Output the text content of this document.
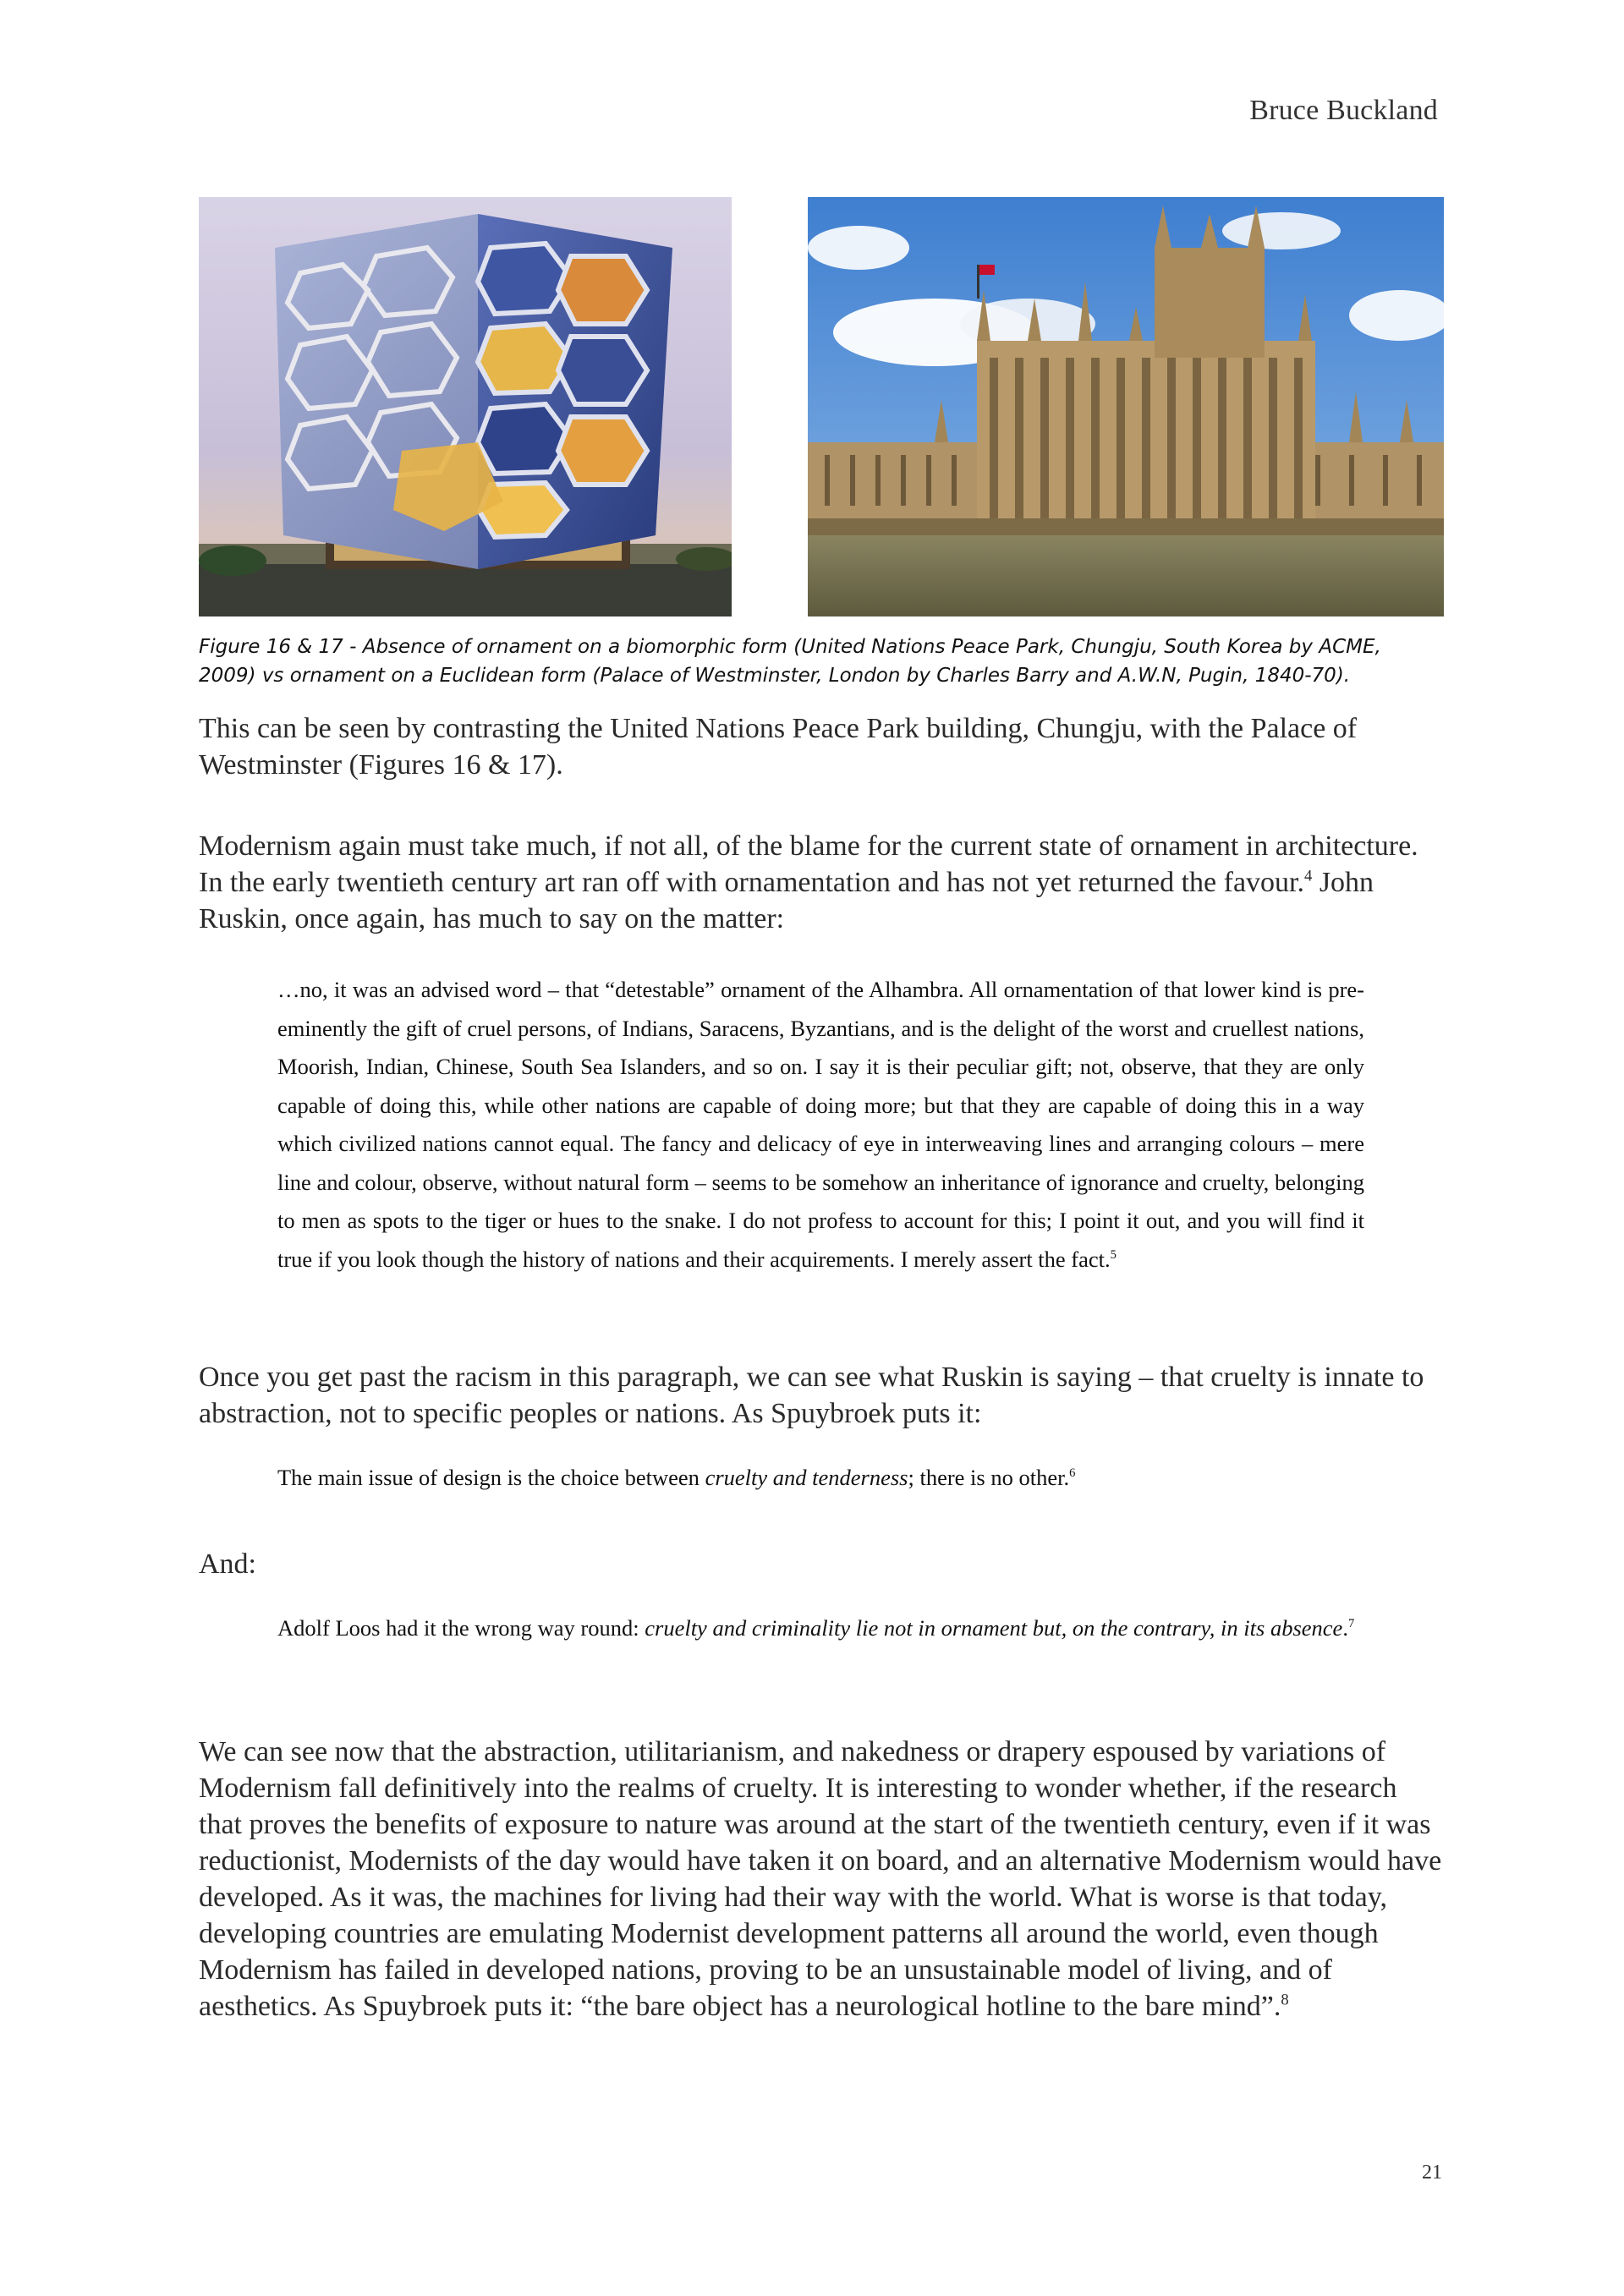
Bruce Buckland
Figure 16 & 17 - Absence of ornament on a biomorphic form (United Nations Peace Park, Chungju, South Korea by ACME, 2009) vs ornament on a Euclidean form (Palace of Westminster, London by Charles Barry and A.W.N, Pugin, 1840-70).

This can be seen by contrasting the United Nations Peace Park building, Chungju, with the Palace of Westminster (Figures 16 & 17).

Modernism again must take much, if not all, of the blame for the current state of ornament in architecture. In the early twentieth century art ran off with ornamentation and has not yet returned the favour.$^4$ John Ruskin, once again, has much to say on the matter:

…no, it was an advised word – that “detestable” ornament of the Alhambra. All ornamentation of that lower kind is pre-eminently the gift of cruel persons, of Indians, Saracens, Byzantians, and is the delight of the worst and cruellest nations, Moorish, Indian, Chinese, South Sea Islanders, and so on. I say it is their peculiar gift; not, observe, that they are only capable of doing this, while other nations are capable of doing more; but that they are capable of doing this in a way which civilized nations cannot equal. The fancy and delicacy of eye in interweaving lines and arranging colours – mere line and colour, observe, without natural form – seems to be somehow an inheritance of ignorance and cruelty, belonging to men as spots to the tiger or hues to the snake. I do not profess to account for this; I point it out, and you will find it true if you look though the history of nations and their acquirements. I merely assert the fact.$^5$

Once you get past the racism in this paragraph, we can see what Ruskin is saying – that cruelty is innate to abstraction, not to specific peoples or nations. As Spuybroek puts it:

The main issue of design is the choice between cruelty and tenderness; there is no other.$^6$

And:

Adolf Loos had it the wrong way round: cruelty and criminality lie not in ornament but, on the contrary, in its absence.$^7$

We can see now that the abstraction, utilitarianism, and nakedness or drapery espoused by variations of Modernism fall definitively into the realms of cruelty. It is interesting to wonder whether, if the research that proves the benefits of exposure to nature was around at the start of the twentieth century, even if it was reductionist, Modernists of the day would have taken it on board, and an alternative Modernism would have developed. As it was, the machines for living had their way with the world. What is worse is that today, developing countries are emulating Modernist development patterns all around the world, even though Modernism has failed in developed nations, proving to be an unsustainable model of living, and of aesthetics. As Spuybroek puts it: “the bare object has a neurological hotline to the bare mind”.$^8$

21
